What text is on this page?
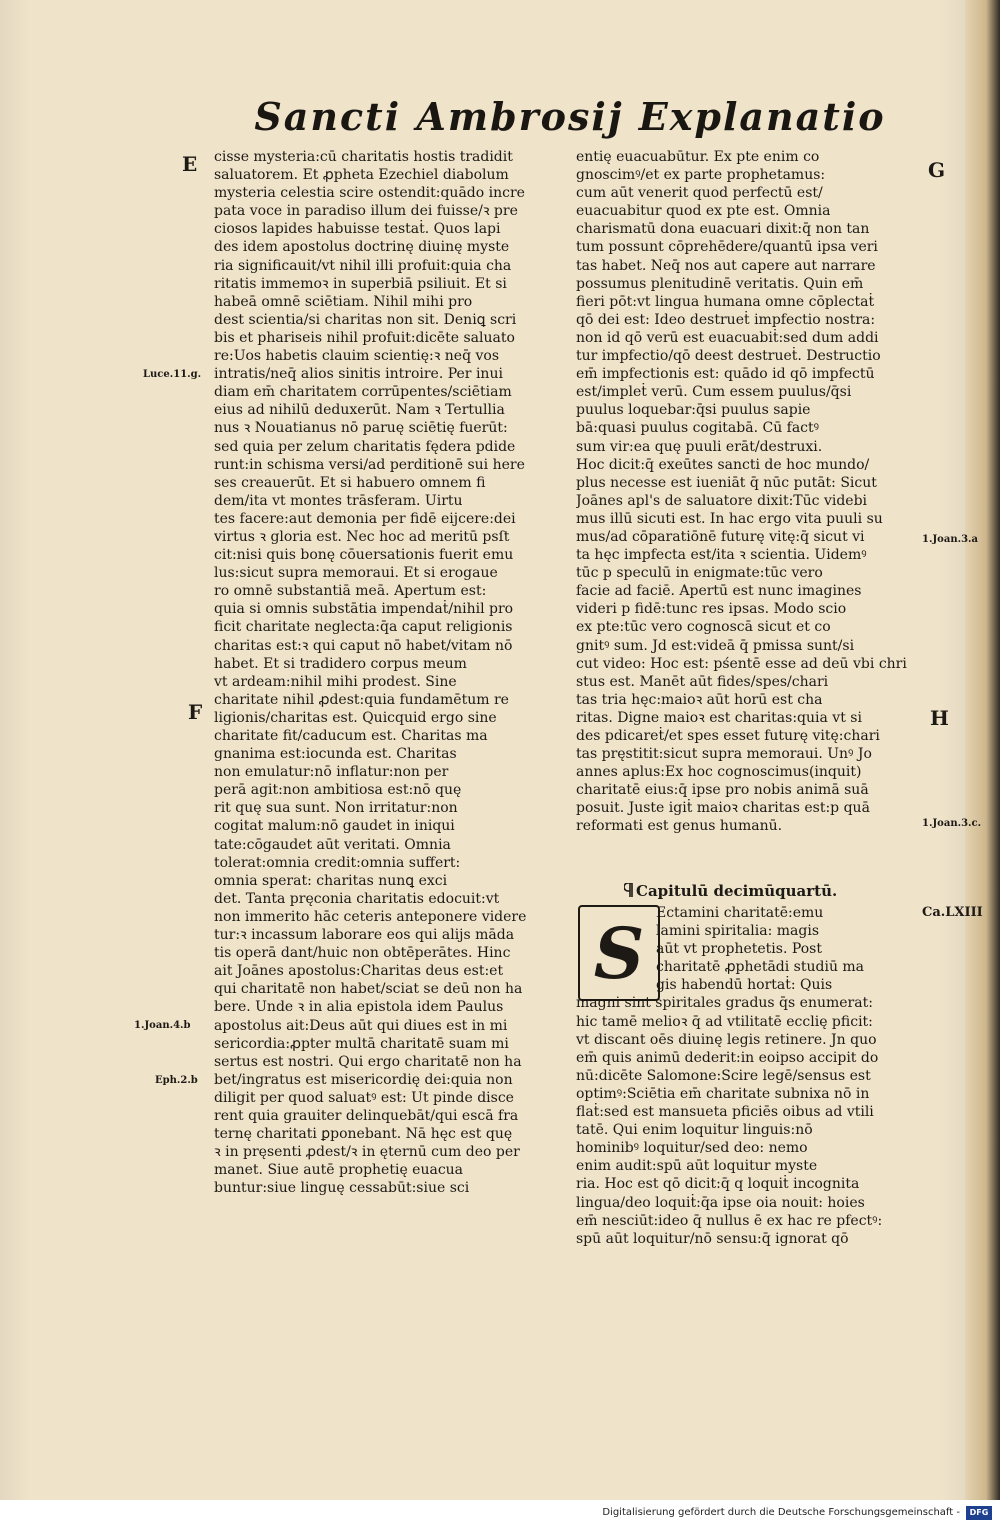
Sancti Ambrosij Explanatio
E	G
F	H
Luce.11.g.
1.Joan.3.a
1.Joan.3.c.
1.Joan.4.b
Eph.2.b
cisse mysteria:cū charitatis hostis tradidit
saluatorem. Et ꝓpheta Ezechiel diabolum
mysteria celestia scire ostendit:quādo incre
pata voce in paradiso illum dei fuisse/ꝛ pre
ciosos lapides habuisse testaṫ. Quos lapi
des idem apostolus doctrinę diuinę myste
ria significauit/vt nihil illi profuit:quia cha
ritatis immemoꝛ in superbiā psiliuit. Et si
habeā omnē sciētiam. Nihil mihi pro
dest scientia/si charitas non sit. Deniꝗ scri
bis et phariseis nihil profuit:dicēte saluato
re:Uos habetis clauim scientię:ꝛ neq̄ vos
intratis/neq̄ alios sinitis introire. Per inui
diam em̄ charitatem corrūpentes/sciētiam
eius ad nihilū deduxerūt. Nam ꝛ Tertullia
nus ꝛ Nouatianus nō paruę sciētię fuerūt:
sed quia per zelum charitatis fędera pdide
runt:in schisma versi/ad perditionē sui here
ses creauerūt. Et si habuero omnem fi
dem/ita vt montes trāsferam. Uirtu
tes facere:aut demonia per fidē eijcere:dei
virtus ꝛ gloria est. Nec hoc ad meritū psſt
cit:nisi quis bonę cōuersationis fuerit emu
lus:sicut supra memoraui. Et si erogaue
ro omnē substantiā meā. Apertum est:
quia si omnis substātia impendaṫ/nihil pro
ficit charitate neglecta:q̄a caput religionis
charitas est:ꝛ qui caput nō habet/vitam nō
habet. Et si tradidero corpus meum
vt ardeam:nihil mihi prodest. Sine
charitate nihil ꝓdest:quia fundamētum re
ligionis/charitas est. Quicquid ergo sine
charitate fit/caducum est. Charitas ma
gnanima est:iocunda est. Charitas
non emulatur:nō inflatur:non per
perā agit:non ambitiosa est:nō quę
rit quę sua sunt. Non irritatur:non
cogitat malum:nō gaudet in iniqui
tate:cōgaudet aūt veritati. Omnia
tolerat:omnia credit:omnia suffert:
omnia sperat: charitas nunꝗ exci
det. Tanta pręconia charitatis edocuit:vt
non immerito hāc ceteris anteponere videre
tur:ꝛ incassum laborare eos qui alijs māda
tis operā dant/huic non obtēperātes. Hinc
ait Joānes apostolus:Charitas deus est:et
qui charitatē non habet/sciat se deū non ha
bere. Unde ꝛ in alia epistola idem Paulus
apostolus ait:Deus aūt qui diues est in mi
sericordia:ꝓpter multā charitatē suam mi
sertus est nostri. Qui ergo charitatē non ha
bet/ingratus est misericordię dei:quia non
diligit per quod saluatꝰ est: Ut pinde disce
rent quia grauiter delinquebāt/qui escā fra
ternę charitati ꝑponebant. Nā hęc est quę
ꝛ in pręsenti ꝓdest/ꝛ in ęternū cum deo per
manet. Siue autē prophetię euacua
buntur:siue linguę cessabūt:siue sci
entię euacuabūtur. Ex pte enim co
gnoscimꝰ/et ex parte prophetamus:
cum aūt venerit quod perfectū est/
euacuabitur quod ex pte est. Omnia
charismatū dona euacuari dixit:q̄ non tan
tum possunt cōprehēdere/quantū ipsa veri
tas habet. Neq̄ nos aut capere aut narrare
possumus plenitudinē veritatis. Quin em̄
fieri pōt:vt lingua humana omne cōplectaṫ
qō dei est: Ideo destrueṫ impfectio nostra:
non id qō verū est euacuabiṫ:sed dum addi
tur impfectio/qō deest destrueṫ. Destructio
em̄ impfectionis est: quādo id qō impfectū
est/impleṫ verū. Cum essem puulus/q̄si
puulus loquebar:q̄si puulus sapie
bā:quasi puulus cogitabā. Cū factꝰ
sum vir:ea quę puuli erāt/destruxi.
Hoc dicit:q̄ exeūtes sancti de hoc mundo/
plus necesse est iueniāt q̄ nūc putāt: Sicut
Joānes apl's de saluatore dixit:Tūc videbi
mus illū sicuti est. In hac ergo vita puuli su
mus/ad cōparatiōnē futurę vitę:q̄ sicut vi
ta hęc impfecta est/ita ꝛ scientia. Uidemꝰ
tūc p speculū in enigmate:tūc vero
facie ad faciē. Apertū est nunc imagines
videri p fidē:tunc res ipsas. Modo scio
ex pte:tūc vero cognoscā sicut et co
gnitꝰ sum. Jd est:videā q̄ pmissa sunt/si
cut video: Hoc est: pśentē esse ad deū vbi chri
stus est. Manēt aūt fides/spes/chari
tas tria hęc:maioꝛ aūt horū est cha
ritas. Digne maioꝛ est charitas:quia vt si
des pdicareṫ/et spes esset futurę vitę:chari
tas pręstitit:sicut supra memoraui. Unꝰ Jo
annes aplus:Ex hoc cognoscimus(inquit)
charitatē eius:q̄ ipse pro nobis animā suā
posuit. Juste igiṫ maioꝛ charitas est:p quā
reformati est genus humanū.
Capitulū decimūquartū.
Ca.LXIII
S Ectamini charitatē:emu
lamini spiritalia: magis
aūt vt prophetetis. Post
charitatē ꝓphetādi studiū ma
gis habendū hortaṫ: Quis
magni sint spiritales gradus q̄s enumerat:
hic tamē melioꝛ q̄ ad vtilitatē ecclię pficit:
vt discant oēs diuinę legis retinere. Jn quo
em̄ quis animū dederit:in eoipso accipit do
nū:dicēte Salomone:Scire legē/sensus est
optimꝰ:Sciētia em̄ charitate subnixa nō in
flaṫ:sed est mansueta pficiēs oibus ad vtili
tatē. Qui enim loquitur linguis:nō
hominibꝰ loquitur/sed deo: nemo
enim audit:spū aūt loquitur myste
ria. Hoc est qō dicit:q̄ q loquiṫ incognita
lingua/deo loquiṫ:q̄a ipse oia nouit: hoies
em̄ nesciūt:ideo q̄ nullus ē ex hac re pfectꝰ:
spū aūt loquitur/nō sensu:q̄ ignorat qō
Digitalisierung gefördert durch die Deutsche Forschungsgemeinschaft -	DFG
